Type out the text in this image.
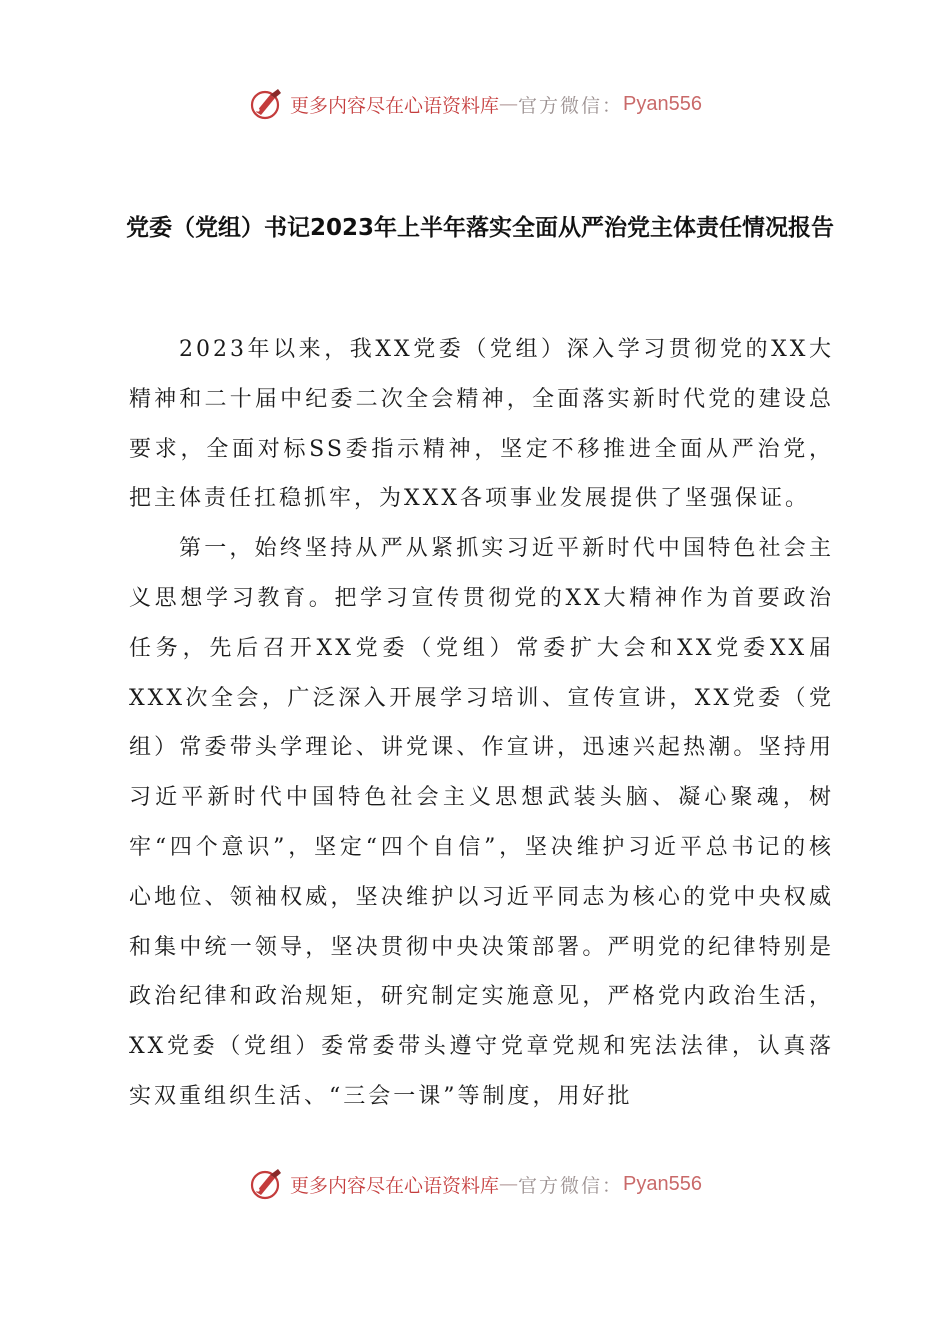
更多内容尽在心语资料库 — 官方微信： Pyan556
党委（党组）书记2023年上半年落实全面从严治党主体责任情况报告

2023年以来，我XX党委（党组）深入学习贯彻党的XX大精神和二十届中纪委二次全会精神，全面落实新时代党的建设总要求，全面对标SS委指示精神，坚定不移推进全面从严治党，把主体责任扛稳抓牢，为XXX各项事业发展提供了坚强保证。

第一，始终坚持从严从紧抓实习近平新时代中国特色社会主义思想学习教育。把学习宣传贯彻党的XX大精神作为首要政治任务，先后召开XX党委（党组）常委扩大会和XX党委XX届XXX次全会，广泛深入开展学习培训、宣传宣讲，XX党委（党组）常委带头学理论、讲党课、作宣讲，迅速兴起热潮。坚持用习近平新时代中国特色社会主义思想武装头脑、凝心聚魂，树牢“四个意识”，坚定“四个自信”，坚决维护习近平总书记的核心地位、领袖权威，坚决维护以习近平同志为核心的党中央权威和集中统一领导，坚决贯彻中央决策部署。严明党的纪律特别是政治纪律和政治规矩，研究制定实施意见，严格党内政治生活，XX党委（党组）委常委带头遵守党章党规和宪法法律，认真落实双重组织生活、“三会一课”等制度，用好批

更多内容尽在心语资料库 — 官方微信： Pyan556
